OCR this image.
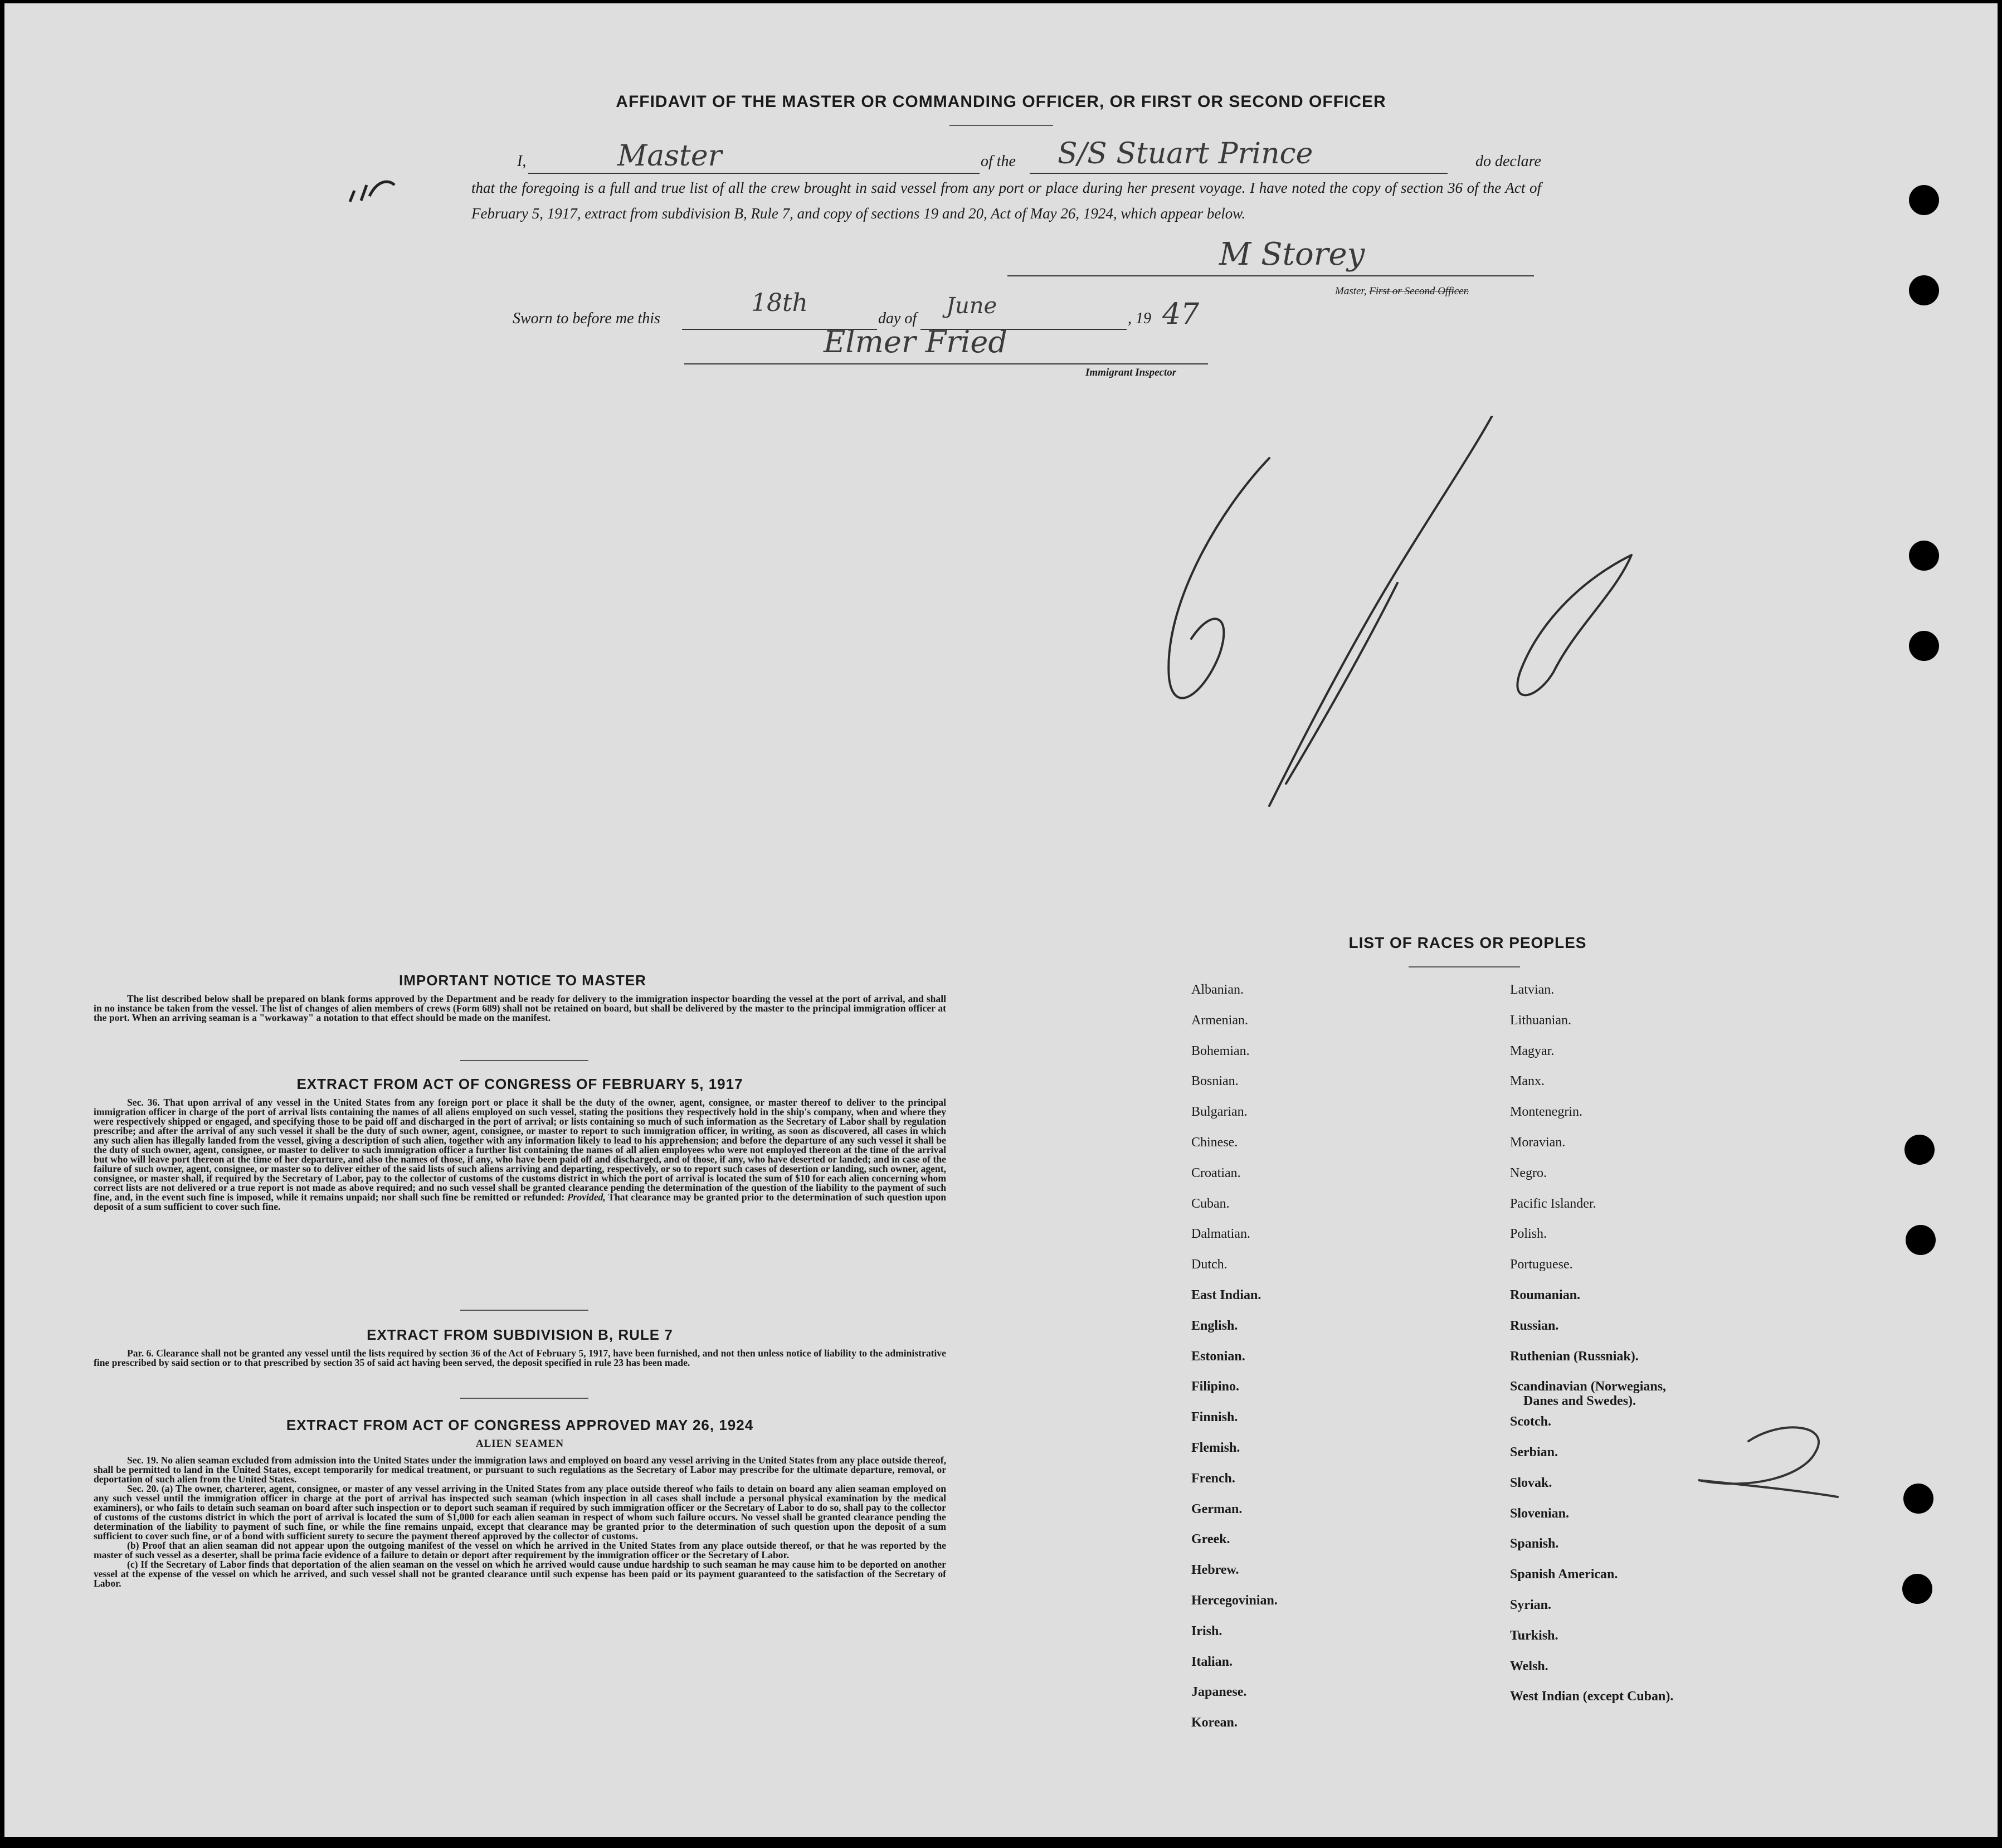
AFFIDAVIT OF THE MASTER OR COMMANDING OFFICER, OR FIRST OR SECOND OFFICER
I,	Master	of the S/S Stuart Prince	do declare
that the foregoing is a full and true list of all the crew brought in said vessel from any port or place during her present voyage. I have noted the copy of section 36 of the Act of February 5, 1917, extract from subdivision B, Rule 7, and copy of sections 19 and 20, Act of May 26, 1924, which appear below.
M Storey
Master, First or Second Officer.
Sworn to before me this
18th
day of June	, 19 47
Elmer Fried
Immigrant Inspector
IMPORTANT NOTICE TO MASTER
The list described below shall be prepared on blank forms approved by the Department and be ready for delivery to the immigration inspector boarding the vessel at the port of arrival, and shall in no instance be taken from the vessel. The list of changes of alien members of crews (Form 689) shall not be retained on board, but shall be delivered by the master to the principal immigration officer at the port. When an arriving seaman is a "workaway" a notation to that effect should be made on the manifest.
EXTRACT FROM ACT OF CONGRESS OF FEBRUARY 5, 1917

Sec. 36. That upon arrival of any vessel in the United States from any foreign port or place it shall be the duty of the owner, agent, consignee, or master thereof to deliver to the principal immigration officer in charge of the port of arrival lists containing the names of all aliens employed on such vessel, stating the positions they respectively hold in the ship's company, when and where they were respectively shipped or engaged, and specifying those to be paid off and discharged in the port of arrival; or lists containing so much of such information as the Secretary of Labor shall by regulation prescribe; and after the arrival of any such vessel it shall be the duty of such owner, agent, consignee, or master to report to such immigration officer, in writing, as soon as discovered, all cases in which any such alien has illegally landed from the vessel, giving a description of such alien, together with any information likely to lead to his apprehension; and before the departure of any such vessel it shall be the duty of such owner, agent, consignee, or master to deliver to such immigration officer a further list containing the names of all alien employees who were not employed thereon at the time of the arrival but who will leave port thereon at the time of her departure, and also the names of those, if any, who have been paid off and discharged, and of those, if any, who have deserted or landed; and in case of the failure of such owner, agent, consignee, or master so to deliver either of the said lists of such aliens arriving and departing, respectively, or so to report such cases of desertion or landing, such owner, agent, consignee, or master shall, if required by the Secretary of Labor, pay to the collector of customs of the customs district in which the port of arrival is located the sum of $10 for each alien concerning whom correct lists are not delivered or a true report is not made as above required; and no such vessel shall be granted clearance pending the determination of the question of the liability to the payment of such fine, and, in the event such fine is imposed, while it remains unpaid; nor shall such fine be remitted or refunded: Provided, That clearance may be granted prior to the determination of such question upon deposit of a sum sufficient to cover such fine.

EXTRACT FROM SUBDIVISION B, RULE 7
Par. 6. Clearance shall not be granted any vessel until the lists required by section 36 of the Act of February 5, 1917, have been furnished, and not then unless notice of liability to the administrative fine prescribed by said section or to that prescribed by section 35 of said act having been served, the deposit specified in rule 23 has been made.
EXTRACT FROM ACT OF CONGRESS APPROVED MAY 26, 1924
ALIEN SEAMEN

Sec. 19. No alien seaman excluded from admission into the United States under the immigration laws and employed on board any vessel arriving in the United States from any place outside thereof, shall be permitted to land in the United States, except temporarily for medical treatment, or pursuant to such regulations as the Secretary of Labor may prescribe for the ultimate departure, removal, or deportation of such alien from the United States.

Sec. 20. (a) The owner, charterer, agent, consignee, or master of any vessel arriving in the United States from any place outside thereof who fails to detain on board any alien seaman employed on any such vessel until the immigration officer in charge at the port of arrival has inspected such seaman (which inspection in all cases shall include a personal physical examination by the medical examiners), or who fails to detain such seaman on board after such inspection or to deport such seaman if required by such immigration officer or the Secretary of Labor to do so, shall pay to the collector of customs of the customs district in which the port of arrival is located the sum of $1,000 for each alien seaman in respect of whom such failure occurs. No vessel shall be granted clearance pending the determination of the liability to payment of such fine, or while the fine remains unpaid, except that clearance may be granted prior to the determination of such question upon the deposit of a sum sufficient to cover such fine, or of a bond with sufficient surety to secure the payment thereof approved by the collector of customs.

(b) Proof that an alien seaman did not appear upon the outgoing manifest of the vessel on which he arrived in the United States from any place outside thereof, or that he was reported by the master of such vessel as a deserter, shall be prima facie evidence of a failure to detain or deport after requirement by the immigration officer or the Secretary of Labor.

(c) If the Secretary of Labor finds that deportation of the alien seaman on the vessel on which he arrived would cause undue hardship to such seaman he may cause him to be deported on another vessel at the expense of the vessel on which he arrived, and such vessel shall not be granted clearance until such expense has been paid or its payment guaranteed to the satisfaction of the Secretary of Labor.

LIST OF RACES OR PEOPLES
Albanian.
Armenian.
Bohemian.
Bosnian.
Bulgarian.
Chinese.
Croatian.
Cuban.
Dalmatian.
Dutch.
East Indian.
English.
Estonian.
Filipino.
Finnish.
Flemish.
French.
German.
Greek.
Hebrew.
Hercegovinian.
Irish.
Italian.
Japanese.
Korean.
Latvian.
Lithuanian.
Magyar.
Manx.
Montenegrin.
Moravian.
Negro.
Pacific Islander.
Polish.
Portuguese.
Roumanian.
Russian.
Ruthenian (Russniak).
Scandinavian (Norwegians,
Danes and Swedes).
Scotch.
Serbian.
Slovak.
Slovenian.
Spanish.
Spanish American.
Syrian.
Turkish.
Welsh.
West Indian (except Cuban).
